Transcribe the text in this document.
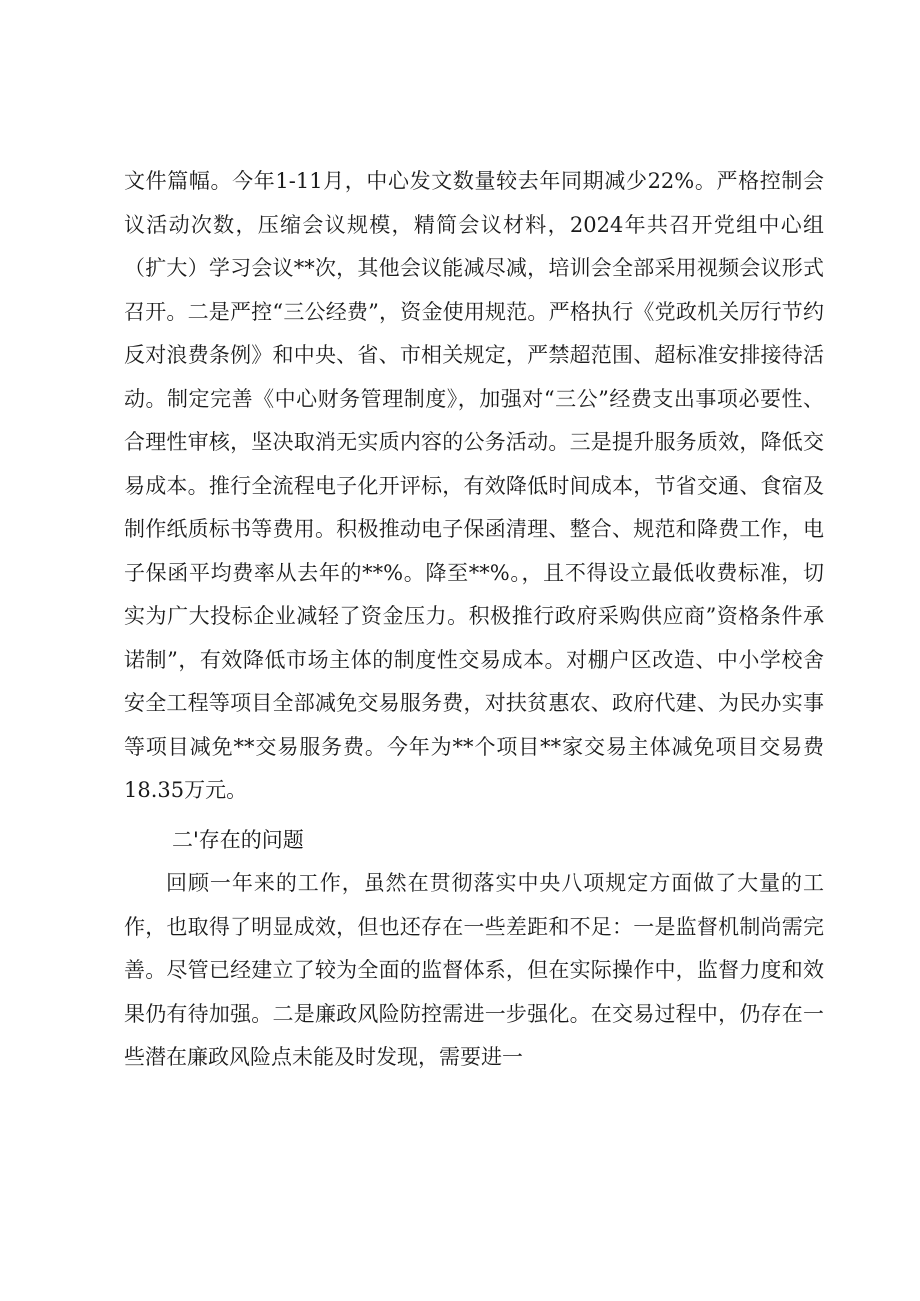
文件篇幅。今年1-11月，中心发文数量较去年同期减少22%。严格控制会议活动次数，压缩会议规模，精简会议材料，2024年共召开党组中心组（扩大）学习会议**次，其他会议能减尽减，培训会全部采用视频会议形式召开。二是严控“三公经费”，资金使用规范。严格执行《党政机关厉行节约反对浪费条例》和中央、省、市相关规定，严禁超范围、超标准安排接待活动。制定完善《中心财务管理制度》，加强对“三公”经费支出事项必要性、合理性审核，坚决取消无实质内容的公务活动。三是提升服务质效，降低交易成本。推行全流程电子化开评标，有效降低时间成本，节省交通、食宿及制作纸质标书等费用。积极推动电子保函清理、整合、规范和降费工作，电子保函平均费率从去年的**%。降至**%。，且不得设立最低收费标准，切实为广大投标企业减轻了资金压力。积极推行政府采购供应商”资格条件承诺制”，有效降低市场主体的制度性交易成本。对棚户区改造、中小学校舍安全工程等项目全部减免交易服务费，对扶贫惠农、政府代建、为民办实事等项目减免**交易服务费。今年为**个项目**家交易主体减免项目交易费18.35万元。

二'存在的问题

回顾一年来的工作，虽然在贯彻落实中央八项规定方面做了大量的工作，也取得了明显成效，但也还存在一些差距和不足：一是监督机制尚需完善。尽管已经建立了较为全面的监督体系，但在实际操作中，监督力度和效果仍有待加强。二是廉政风险防控需进一步强化。在交易过程中，仍存在一些潜在廉政风险点未能及时发现，需要进一
